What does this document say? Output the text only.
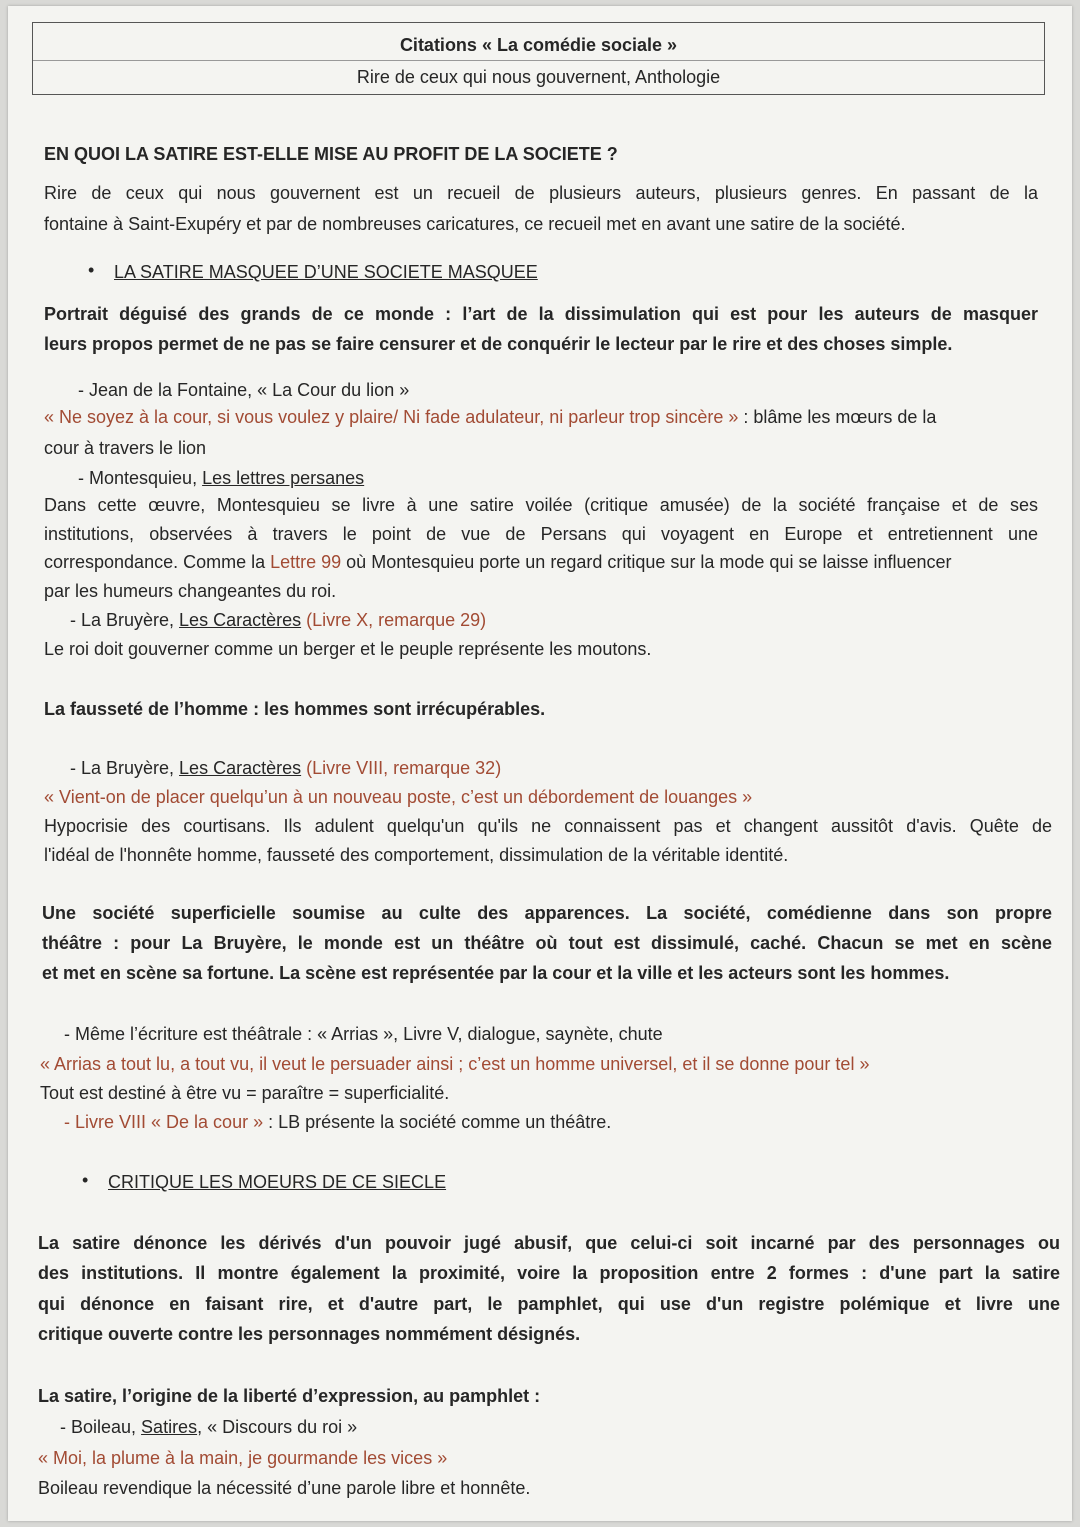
Citations « La comédie sociale »
Rire de ceux qui nous gouvernent, Anthologie
EN QUOI LA SATIRE EST-ELLE MISE AU PROFIT DE LA SOCIETE ?
Rire de ceux qui nous gouvernent est un recueil de plusieurs auteurs, plusieurs genres. En passant de la
fontaine à Saint-Exupéry et par de nombreuses caricatures, ce recueil met en avant une satire de la société.
• LA SATIRE MASQUEE D’UNE SOCIETE MASQUEE
Portrait déguisé des grands de ce monde : l’art de la dissimulation qui est pour les auteurs de masquer
leurs propos permet de ne pas se faire censurer et de conquérir le lecteur par le rire et des choses simple.
- Jean de la Fontaine, « La Cour du lion »
« Ne soyez à la cour, si vous voulez y plaire/ Ni fade adulateur, ni parleur trop sincère » : blâme les mœurs de la
cour à travers le lion
- Montesquieu, Les lettres persanes
Dans cette œuvre, Montesquieu se livre à une satire voilée (critique amusée) de la société française et de ses
institutions, observées à travers le point de vue de Persans qui voyagent en Europe et entretiennent une
correspondance. Comme la Lettre 99 où Montesquieu porte un regard critique sur la mode qui se laisse influencer
par les humeurs changeantes du roi.
- La Bruyère, Les Caractères (Livre X, remarque 29)
Le roi doit gouverner comme un berger et le peuple représente les moutons.
La fausseté de l’homme : les hommes sont irrécupérables.
- La Bruyère, Les Caractères (Livre VIII, remarque 32)
« Vient-on de placer quelqu’un à un nouveau poste, c’est un débordement de louanges »
Hypocrisie des courtisans. Ils adulent quelqu'un qu'ils ne connaissent pas et changent aussitôt d'avis. Quête de
l'idéal de l'honnête homme, fausseté des comportement, dissimulation de la véritable identité.
Une société superficielle soumise au culte des apparences. La société, comédienne dans son propre
théâtre : pour La Bruyère, le monde est un théâtre où tout est dissimulé, caché. Chacun se met en scène
et met en scène sa fortune. La scène est représentée par la cour et la ville et les acteurs sont les hommes.
- Même l’écriture est théâtrale : « Arrias », Livre V, dialogue, saynète, chute
« Arrias a tout lu, a tout vu, il veut le persuader ainsi ; c’est un homme universel, et il se donne pour tel »
Tout est destiné à être vu = paraître = superficialité.
- Livre VIII « De la cour » : LB présente la société comme un théâtre.
• CRITIQUE LES MOEURS DE CE SIECLE
La satire dénonce les dérivés d'un pouvoir jugé abusif, que celui-ci soit incarné par des personnages ou
des institutions. Il montre également la proximité, voire la proposition entre 2 formes : d'une part la satire
qui dénonce en faisant rire, et d'autre part, le pamphlet, qui use d'un registre polémique et livre une
critique ouverte contre les personnages nommément désignés.
La satire, l’origine de la liberté d’expression, au pamphlet :
- Boileau, Satires, « Discours du roi »
« Moi, la plume à la main, je gourmande les vices »
Boileau revendique la nécessité d’une parole libre et honnête.
